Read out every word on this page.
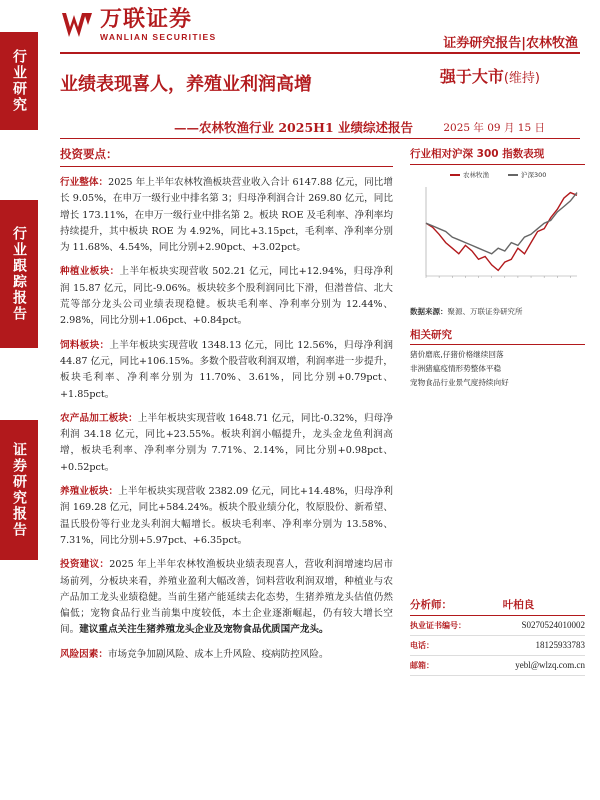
行业研究
行业跟踪报告
证券研究报告
万联证券
WANLIAN SECURITIES	证券研究报告|农林牧渔
业绩表现喜人，养殖业利润高增	强于大市(维持)
——农林牧渔行业 2025H1 业绩综述报告	2025 年 09 月 15 日
投资要点：
行业整体：2025 年上半年农林牧渔板块营业收入合计 6147.88 亿元，同比增长 9.05%，在申万一级行业中排名第 3；归母净利润合计 269.80 亿元，同比增长 173.11%，在申万一级行业中排名第 2。板块 ROE 及毛利率、净利率均持续提升，其中板块 ROE 为 4.92%，同比+3.15pct，毛利率、净利率分别为 11.68%、4.54%，同比分别+2.90pct、+3.02pct。
种植业板块：上半年板块实现营收 502.21 亿元，同比+12.94%，归母净利润 15.87 亿元，同比-9.06%。板块较多个股利润同比下滑，但潜普信、北大荒等部分龙头公司业绩表现稳健。板块毛利率、净利率分别为 12.44%、2.98%，同比分别+1.06pct、+0.84pct。
饲料板块：上半年板块实现营收 1348.13 亿元，同比 12.56%，归母净利润 44.87 亿元，同比+106.15%。多数个股营收利润双增，利润率进一步提升，板块毛利率、净利率分别为 11.70%、3.61%，同比分别+0.79pct、+1.85pct。
农产品加工板块：上半年板块实现营收 1648.71 亿元，同比-0.32%，归母净利润 34.18 亿元，同比+23.55%。板块利润小幅提升，龙头金龙鱼利润高增，板块毛利率、净利率分别为 7.71%、2.14%，同比分别+0.98pct、+0.52pct。
养殖业板块：上半年板块实现营收 2382.09 亿元，同比+14.48%，归母净利润 169.28 亿元，同比+584.24%。板块个股业绩分化，牧原股份、新希望、温氏股份等行业龙头利润大幅增长。板块毛利率、净利率分别为 13.58%、7.31%，同比分别+5.97pct、+6.35pct。
投资建议：2025 年上半年农林牧渔板块业绩表现喜人，营收利润增速均居市场前列，分板块来看，养殖业盈利大幅改善，饲料营收利润双增，种植业与农产品加工龙头业绩稳健。当前生猪产能延续去化态势，生猪养殖龙头估值仍然偏低；宠物食品行业当前集中度较低，本土企业逐渐崛起，仍有较大增长空间。建议重点关注生猪养殖龙头企业及宠物食品优质国产龙头。
风险因素：市场竞争加剧风险、成本上升风险、疫病防控风险。
行业相对沪深 300 指数表现
农林牧渔	沪深300
数据来源：聚源、万联证券研究所
相关研究
猪价磨底,仔猪价格继续回落
非洲猪瘟疫情形势整体平稳
宠物食品行业景气度持续向好
分析师：	叶柏良
执业证书编号：	S0270524010002
电话：	18125933783
邮箱：	yebl@wlzq.com.cn
